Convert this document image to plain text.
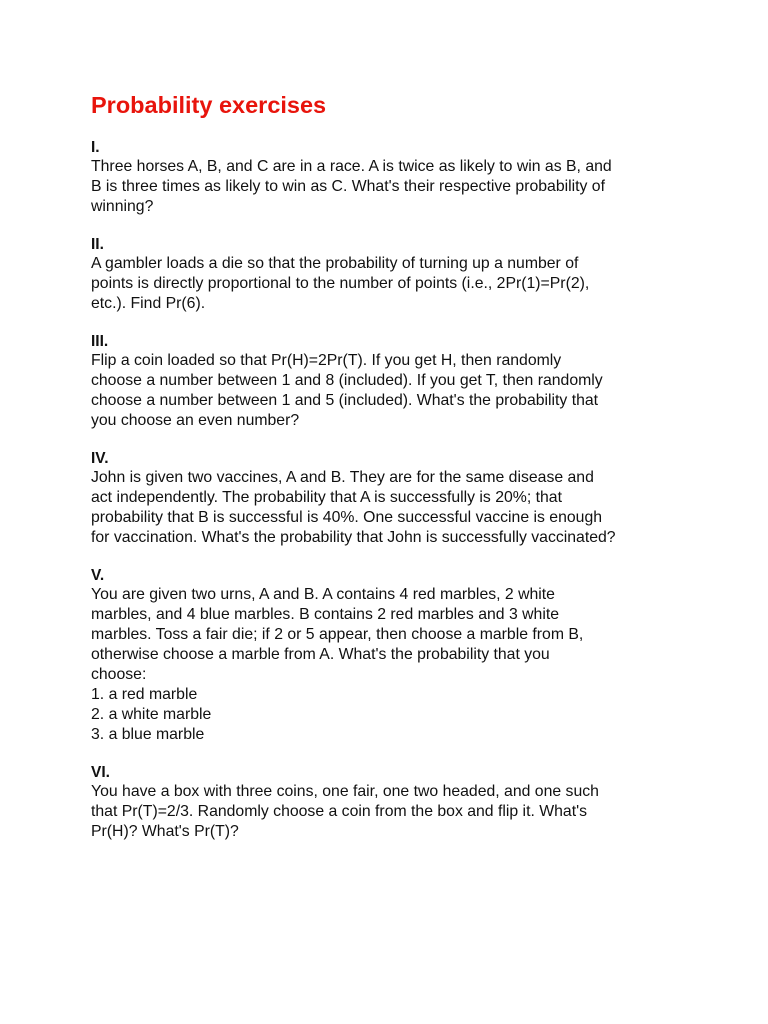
Probability exercises
I.
Three horses A, B, and C are in a race. A is twice as likely to win as B, and
B is three times as likely to win as C. What's their respective probability of
winning?
II.
A gambler loads a die so that the probability of turning up a number of
points is directly proportional to the number of points (i.e., 2Pr(1)=Pr(2),
etc.). Find Pr(6).
III.
Flip a coin loaded so that Pr(H)=2Pr(T). If you get H, then randomly
choose a number between 1 and 8 (included). If you get T, then randomly
choose a number between 1 and 5 (included). What's the probability that
you choose an even number?
IV.
John is given two vaccines, A and B. They are for the same disease and
act independently. The probability that A is successfully is 20%; that
probability that B is successful is 40%. One successful vaccine is enough
for vaccination. What's the probability that John is successfully vaccinated?
V.
You are given two urns, A and B. A contains 4 red marbles, 2 white
marbles, and 4 blue marbles. B contains 2 red marbles and 3 white
marbles. Toss a fair die; if 2 or 5 appear, then choose a marble from B,
otherwise choose a marble from A. What's the probability that you
choose:
1. a red marble
2. a white marble
3. a blue marble
VI.
You have a box with three coins, one fair, one two headed, and one such
that Pr(T)=2/3. Randomly choose a coin from the box and flip it. What's
Pr(H)? What's Pr(T)?
